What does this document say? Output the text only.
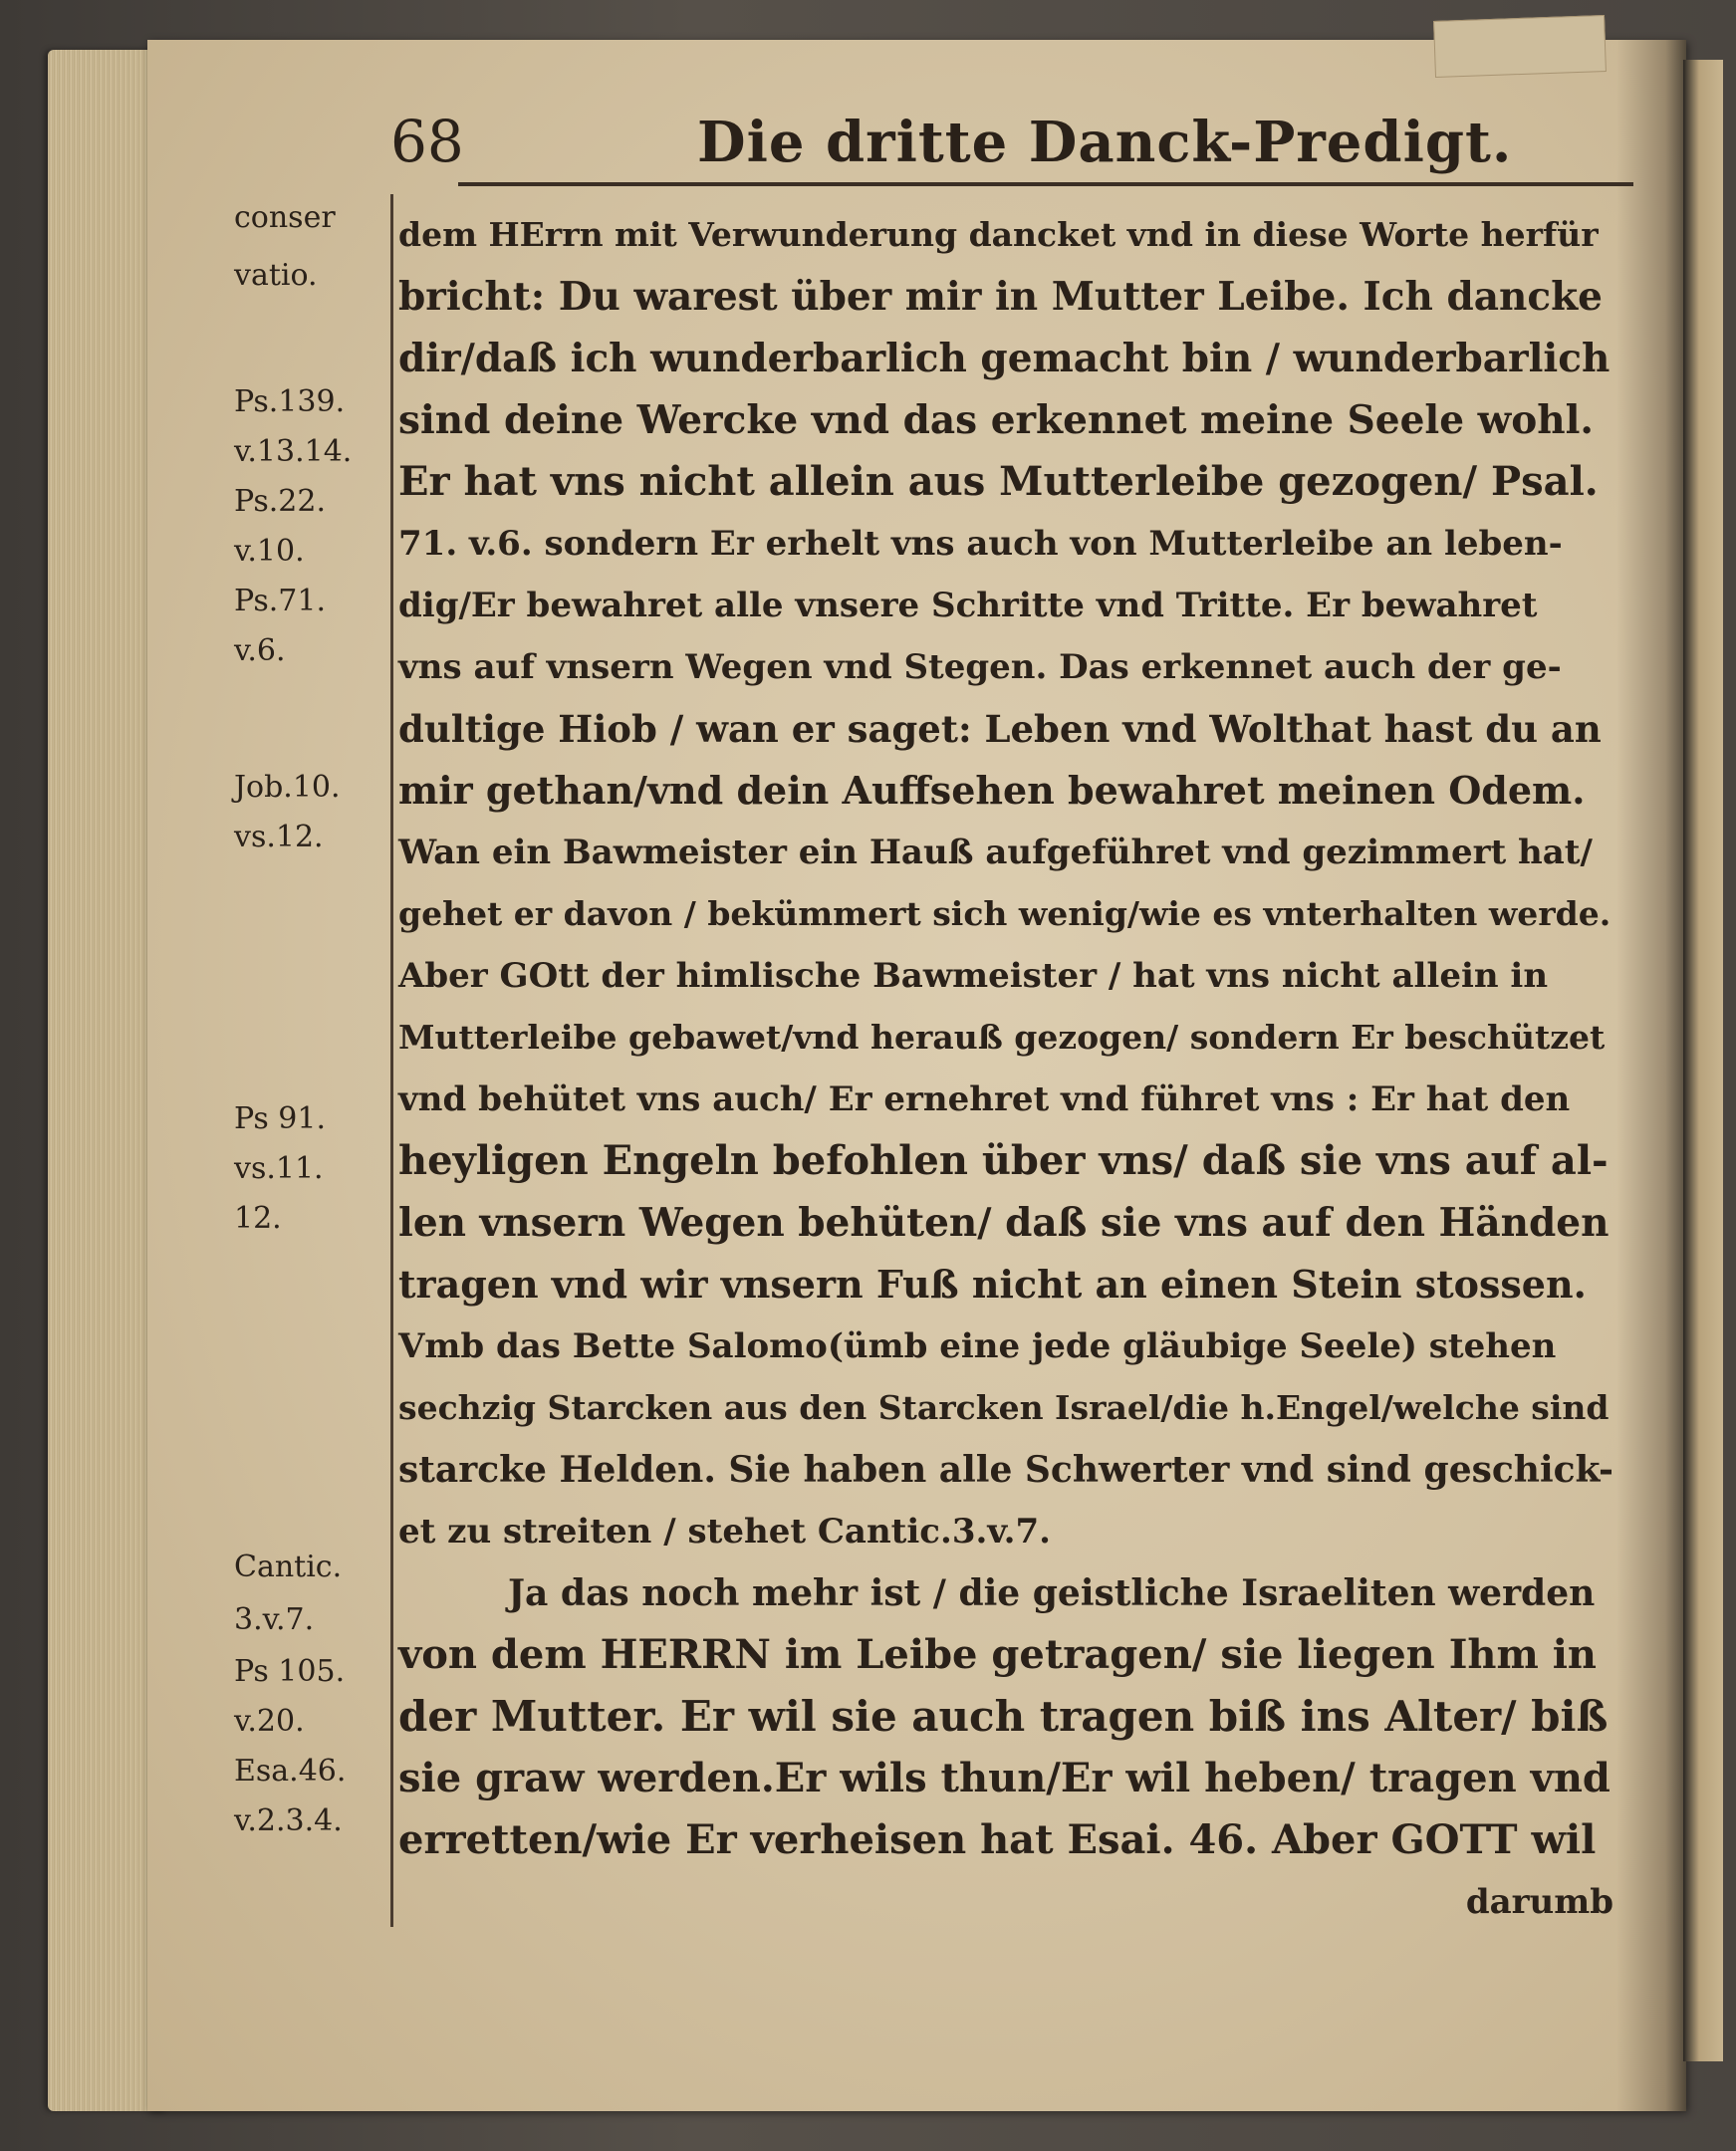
68	Die dritte Danck-Predigt.
conser
vatio.
Ps.139.
v.13.14.
Ps.22.
v.10.
Ps.71.
v.6.
Job.10.
vs.12.
Ps 91.
vs.11.
12.
Cantic.
3.v.7.
Ps 105.
v.20.
Esa.46.
v.2.3.4.
dem HErrn mit Verwunderung dancket vnd in diese Worte herfür
bricht: Du warest über mir in Mutter Leibe. Ich dancke
dir/daß ich wunderbarlich gemacht bin / wunderbarlich
sind deine Wercke vnd das erkennet meine Seele wohl.
Er hat vns nicht allein aus Mutterleibe gezogen/ Psal.
71. v.6. sondern Er erhelt vns auch von Mutterleibe an leben-
dig/Er bewahret alle vnsere Schritte vnd Tritte. Er bewahret
vns auf vnsern Wegen vnd Stegen. Das erkennet auch der ge-
dultige Hiob / wan er saget: Leben vnd Wolthat hast du an
mir gethan/vnd dein Auffsehen bewahret meinen Odem.
Wan ein Bawmeister ein Hauß aufgeführet vnd gezimmert hat/
gehet er davon / bekümmert sich wenig/wie es vnterhalten werde.
Aber GOtt der himlische Bawmeister / hat vns nicht allein in
Mutterleibe gebawet/vnd herauß gezogen/ sondern Er beschützet
vnd behütet vns auch/ Er ernehret vnd führet vns : Er hat den
heyligen Engeln befohlen über vns/ daß sie vns auf al-
len vnsern Wegen behüten/ daß sie vns auf den Händen
tragen vnd wir vnsern Fuß nicht an einen Stein stossen.
Vmb das Bette Salomo(ümb eine jede gläubige Seele) stehen
sechzig Starcken aus den Starcken Israel/die h.Engel/welche sind
starcke Helden. Sie haben alle Schwerter vnd sind geschick-
et zu streiten / stehet Cantic.3.v.7.
Ja das noch mehr ist / die geistliche Israeliten werden
von dem HERRN im Leibe getragen/ sie liegen Ihm in
der Mutter. Er wil sie auch tragen biß ins Alter/ biß
sie graw werden.Er wils thun/Er wil heben/ tragen vnd
erretten/wie Er verheisen hat Esai. 46. Aber GOTT wil
darumb
